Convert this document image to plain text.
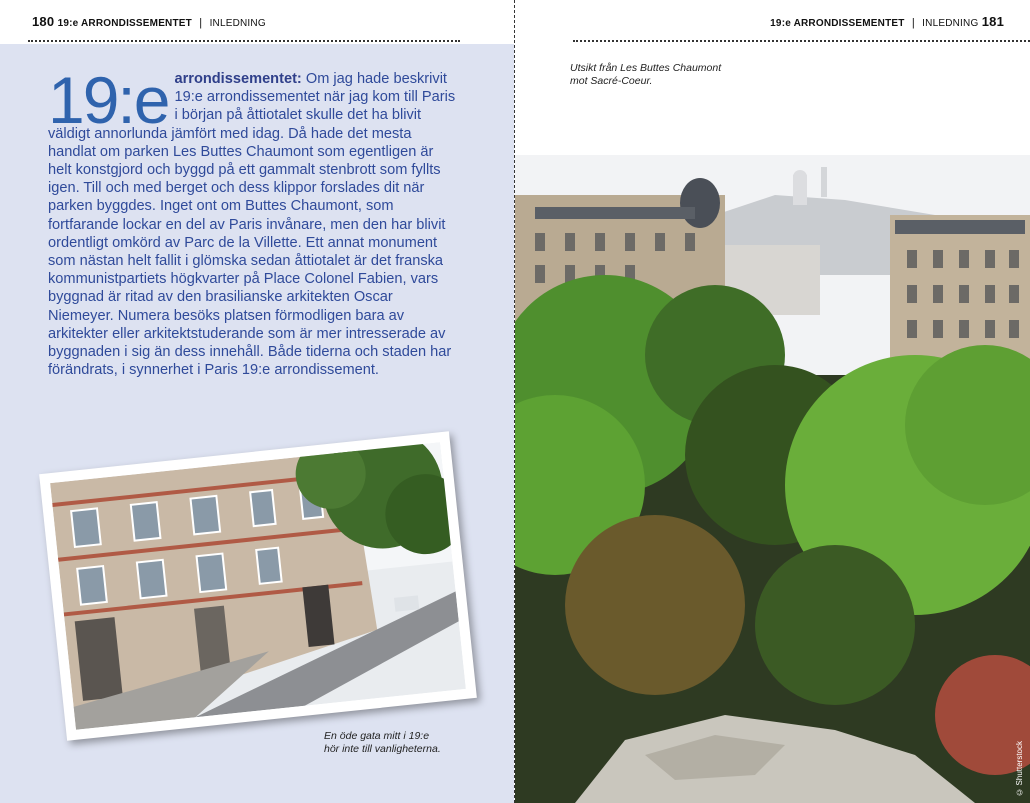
180 19:e ARRONDISSEMENTET | INLEDNING
19:e arrondissementet: Om jag hade beskrivit 19:e arrondissementet när jag kom till Paris i början på åttiotalet skulle det ha blivit väldigt annorlunda jämfört med idag. Då hade det mesta handlat om parken Les Buttes Chaumont som egentligen är helt konstgjord och byggd på ett gammalt stenbrott som fyllts igen. Till och med berget och dess klippor forslades dit när parken byggdes. Inget ont om Buttes Chaumont, som fortfarande lockar en del av Paris invånare, men den har blivit ordentligt omkörd av Parc de la Villette. Ett annat monument som nästan helt fallit i glömska sedan åttiotalet är det franska kommunistpartiets högkvarter på Place Colonel Fabien, vars byggnad är ritad av den brasilianske arkitekten Oscar Niemeyer. Numera besöks platsen förmodligen bara av arkitekter eller arkitektstuderande som är mer intresserade av byggnaden i sig än dess innehåll. Både tiderna och staden har förändrats, i synnerhet i Paris 19:e arrondissement.
En öde gata mitt i 19:e
hör inte till vanligheterna.
19:e ARRONDISSEMENTET | INLEDNING 181
Utsikt från Les Buttes Chaumont
mot Sacré-Coeur.
© Shutterstock
